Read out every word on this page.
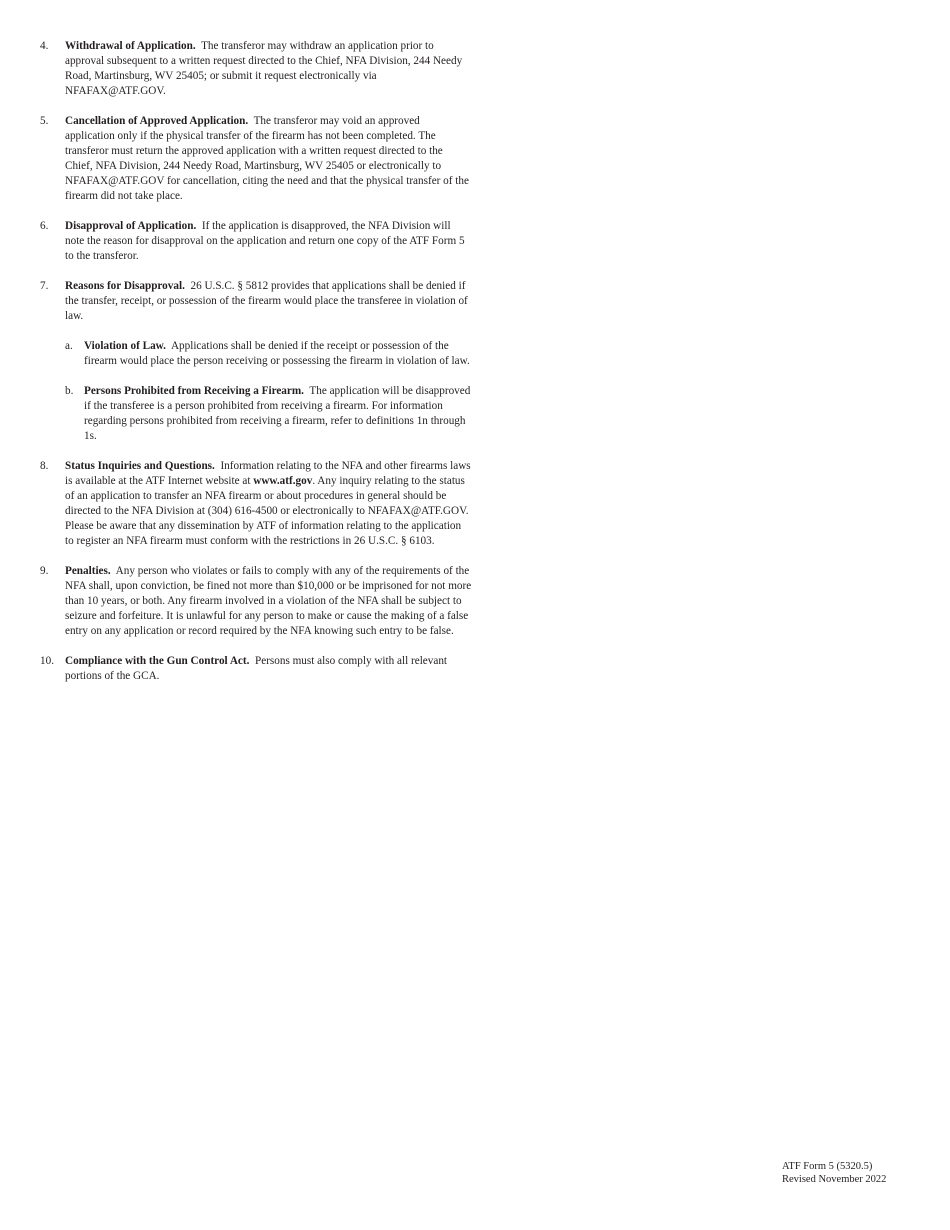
4.	Withdrawal of Application. The transferor may withdraw an application prior to approval subsequent to a written request directed to the Chief, NFA Division, 244 Needy Road, Martinsburg, WV 25405; or submit it request electronically via NFAFAX@ATF.GOV.
5.	Cancellation of Approved Application. The transferor may void an approved application only if the physical transfer of the firearm has not been completed. The transferor must return the approved application with a written request directed to the Chief, NFA Division, 244 Needy Road, Martinsburg, WV 25405 or electronically to NFAFAX@ATF.GOV for cancellation, citing the need and that the physical transfer of the firearm did not take place.
6.	Disapproval of Application. If the application is disapproved, the NFA Division will note the reason for disapproval on the application and return one copy of the ATF Form 5 to the transferor.
7.	Reasons for Disapproval. 26 U.S.C. § 5812 provides that applications shall be denied if the transfer, receipt, or possession of the firearm would place the transferee in violation of law.
a. Violation of Law. Applications shall be denied if the receipt or possession of the firearm would place the person receiving or possessing the firearm in violation of law.
b. Persons Prohibited from Receiving a Firearm. The application will be disapproved if the transferee is a person prohibited from receiving a firearm. For information regarding persons prohibited from receiving a firearm, refer to definitions 1n through 1s.
8.	Status Inquiries and Questions. Information relating to the NFA and other firearms laws is available at the ATF Internet website at www.atf.gov. Any inquiry relating to the status of an application to transfer an NFA firearm or about procedures in general should be directed to the NFA Division at (304) 616-4500 or electronically to NFAFAX@ATF.GOV. Please be aware that any dissemination by ATF of information relating to the application to register an NFA firearm must conform with the restrictions in 26 U.S.C. § 6103.
9.	Penalties. Any person who violates or fails to comply with any of the requirements of the NFA shall, upon conviction, be fined not more than $10,000 or be imprisoned for not more than 10 years, or both. Any firearm involved in a violation of the NFA shall be subject to seizure and forfeiture. It is unlawful for any person to make or cause the making of a false entry on any application or record required by the NFA knowing such entry to be false.
10. Compliance with the Gun Control Act. Persons must also comply with all relevant portions of the GCA.
ATF Form 5 (5320.5)
Revised November 2022
